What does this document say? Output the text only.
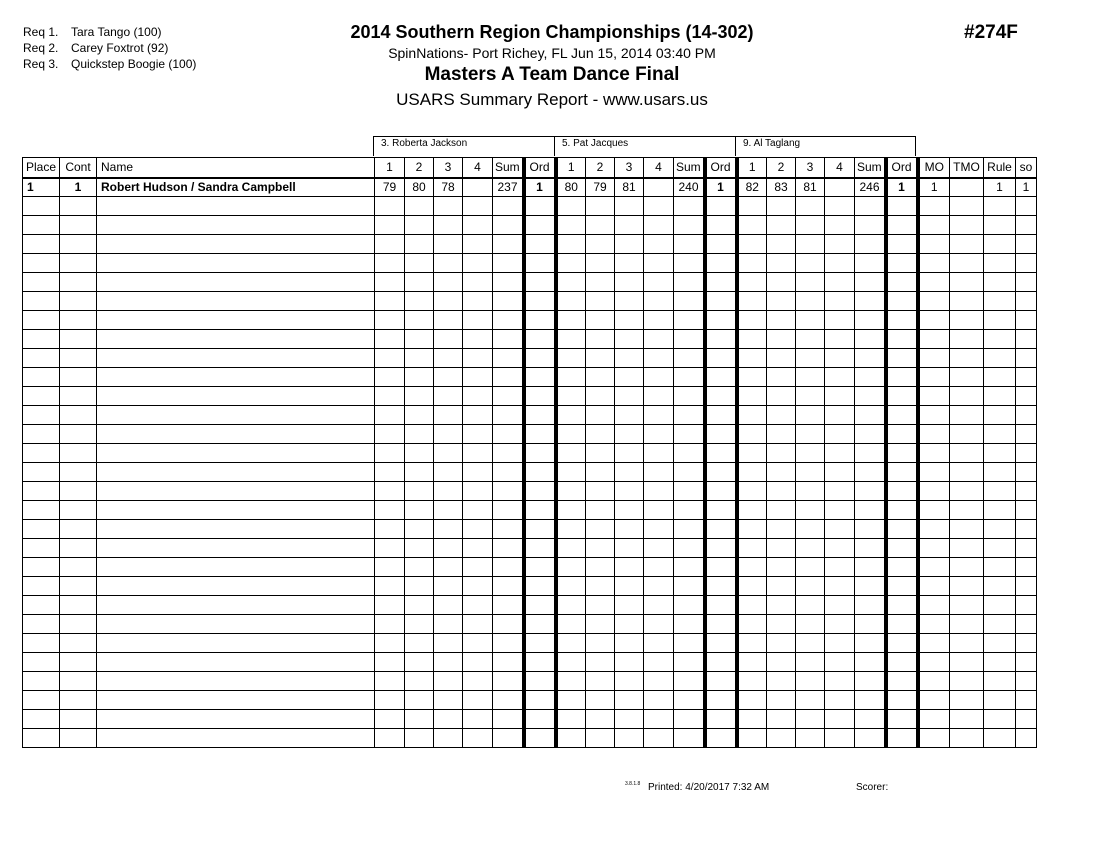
Req 1. Tara Tango (100)
Req 2. Carey Foxtrot (92)
Req 3. Quickstep Boogie (100)
2014 Southern Region Championships (14-302)
SpinNations- Port Richey, FL Jun 15, 2014 03:40 PM
Masters A Team Dance Final
USARS Summary Report - www.usars.us
#274F
3. Roberta Jackson	5. Pat Jacques	9. Al Taglang
Place	Cont	Name	1	2	3	4	Sum	Ord	1	2	3	4	Sum	Ord	1	2	3	4	Sum	Ord	MO	TMO	Rule	so
1	1	Robert Hudson / Sandra Campbell	79	80	78		237	1	80	79	81		240	1	82	83	81		246	1	1		1	1

3.8.1.8 Printed: 4/20/2017 7:32 AM	Scorer:
